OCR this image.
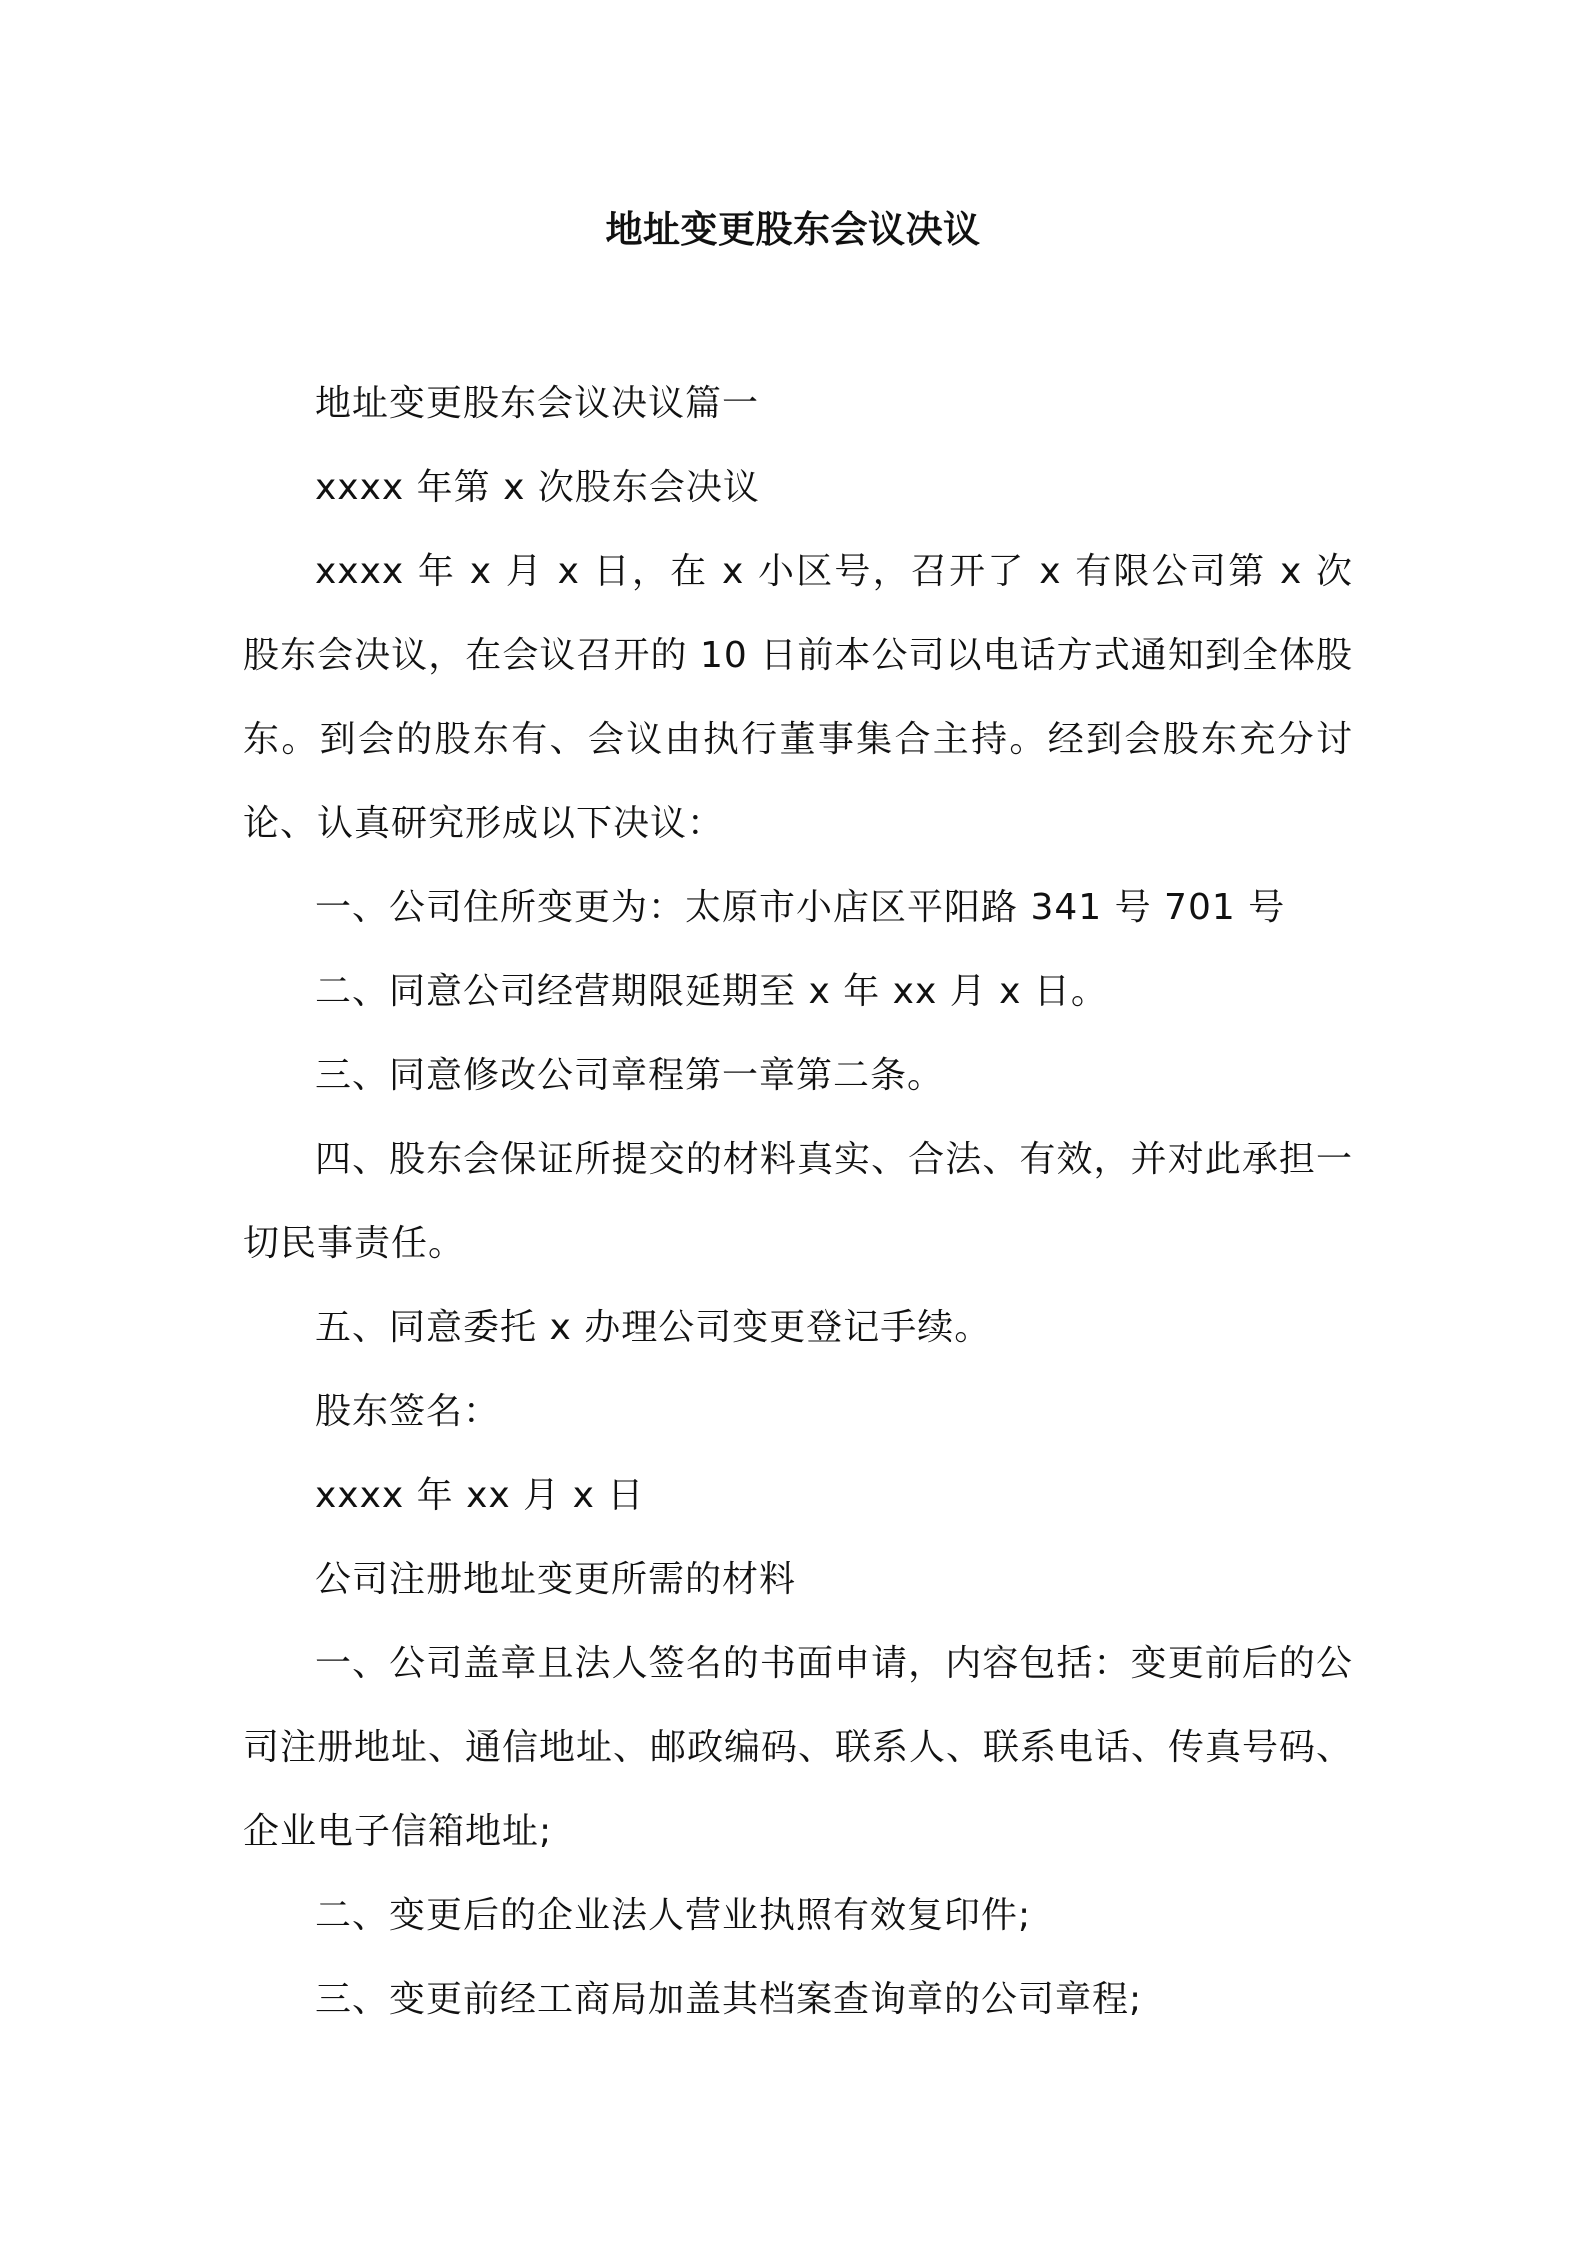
地址变更股东会议决议

地址变更股东会议决议篇一

xxxx 年第 x 次股东会决议

xxxx 年 x 月 x 日，在 x 小区号，召开了 x 有限公司第 x 次股东会决议，在会议召开的 10 日前本公司以电话方式通知到全体股东。到会的股东有、会议由执行董事集合主持。经到会股东充分讨论、认真研究形成以下决议：

一、公司住所变更为：太原市小店区平阳路 341 号 701 号

二、同意公司经营期限延期至 x 年 xx 月 x 日。

三、同意修改公司章程第一章第二条。

四、股东会保证所提交的材料真实、合法、有效，并对此承担一切民事责任。

五、同意委托 x 办理公司变更登记手续。

股东签名：

xxxx 年 xx 月 x 日

公司注册地址变更所需的材料

一、公司盖章且法人签名的书面申请，内容包括：变更前后的公司注册地址、通信地址、邮政编码、联系人、联系电话、传真号码、企业电子信箱地址;

二、变更后的企业法人营业执照有效复印件;

三、变更前经工商局加盖其档案查询章的公司章程;
